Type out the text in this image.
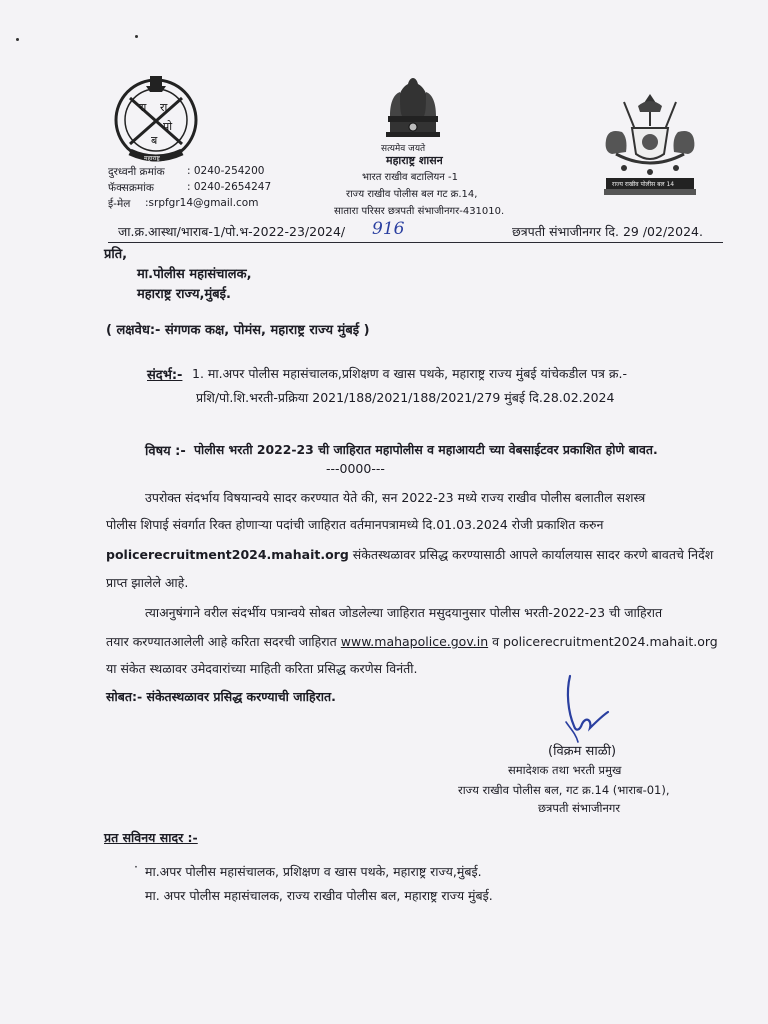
रा रा
पो
ब
महाराष्ट्र
राज्य राखीव पोलीस बल 14
दुरध्वनी क्रमांक : 0240-254200
फॅक्सक्रमांक	: 0240-2654247
ई-मेल :srpfgr14@gmail.com
सत्यमेव जयते
महाराष्ट्र शासन
भारत राखीव बटालियन -1
राज्य राखीव पोलीस बल गट क्र.14,
सातारा परिसर छत्रपती संभाजीनगर-431010.
जा.क्र.आस्था/भाराब-1/पो.भ-2022-23/2024/ 916	छत्रपती संभाजीनगर दि. 29 /02/2024.
प्रति,
मा.पोलीस महासंचालक,
महाराष्ट्र राज्य,मुंबई.
( लक्षवेध:- संगणक कक्ष, पोमंस, महाराष्ट्र राज्य मुंबई )
संदर्भ:- 1. मा.अपर पोलीस महासंचालक,प्रशिक्षण व खास पथके, महाराष्ट्र राज्य मुंबई यांचेकडील पत्र क्र.-
प्रशि/पो.शि.भरती-प्रक्रिया 2021/188/2021/188/2021/279 मुंबई दि.28.02.2024
विषय :- पोलीस भरती 2022-23 ची जाहिरात महापोलीस व महाआयटी च्या वेबसाईटवर प्रकाशित होणे बावत.
---0000---
उपरोक्त संदर्भाय विषयान्वये सादर करण्यात येते की, सन 2022-23 मध्ये राज्य राखीव पोलीस बलातील सशस्त्र
पोलीस शिपाई संवर्गात रिक्त होणाऱ्या पदांची जाहिरात वर्तमानपत्रामध्ये दि.01.03.2024 रोजी प्रकाशित करुन
policerecruitment2024.mahait.org संकेतस्थळावर प्रसिद्ध करण्यासाठी आपले कार्यालयास सादर करणे बावतचे निर्देश
प्राप्त झालेले आहे.
त्याअनुषंगाने वरील संदर्भीय पत्रान्वये सोबत जोडलेल्या जाहिरात मसुदयानुसार पोलीस भरती-2022-23 ची जाहिरात
तयार करण्यातआलेली आहे करिता सदरची जाहिरात www.mahapolice.gov.in व policerecruitment2024.mahait.org
या संकेत स्थळावर उमेदवारांच्या माहिती करिता प्रसिद्ध करणेस विनंती.
सोबत:- संकेतस्थळावर प्रसिद्ध करण्याची जाहिरात.
(विक्रम साळी)
समादेशक तथा भरती प्रमुख
राज्य राखीव पोलीस बल, गट क्र.14 (भाराब-01),
छत्रपती संभाजीनगर
प्रत सविनय सादर :-
· मा.अपर पोलीस महासंचालक, प्रशिक्षण व खास पथके, महाराष्ट्र राज्य,मुंबई.
मा. अपर पोलीस महासंचालक, राज्य राखीव पोलीस बल, महाराष्ट्र राज्य मुंबई.
